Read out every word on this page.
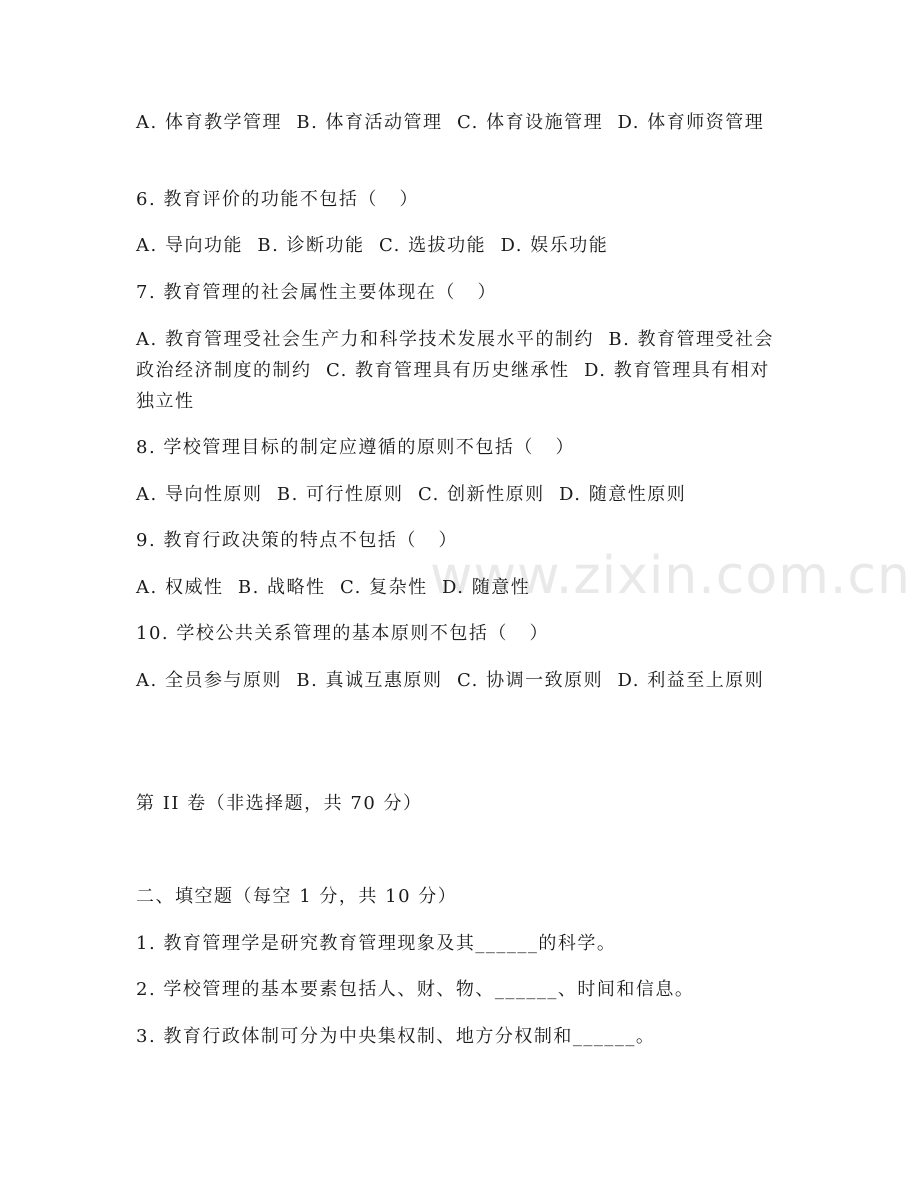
www.zixin.com.cn

A. 体育教学管理  B. 体育活动管理  C. 体育设施管理  D. 体育师资管理

6. 教育评价的功能不包括（   ）

A. 导向功能  B. 诊断功能  C. 选拔功能  D. 娱乐功能

7. 教育管理的社会属性主要体现在（   ）

A. 教育管理受社会生产力和科学技术发展水平的制约  B. 教育管理受社会政治经济制度的制约  C. 教育管理具有历史继承性  D. 教育管理具有相对独立性

8. 学校管理目标的制定应遵循的原则不包括（   ）

A. 导向性原则  B. 可行性原则  C. 创新性原则  D. 随意性原则

9. 教育行政决策的特点不包括（   ）

A. 权威性  B. 战略性  C. 复杂性  D. 随意性

10. 学校公共关系管理的基本原则不包括（   ）

A. 全员参与原则  B. 真诚互惠原则  C. 协调一致原则  D. 利益至上原则

第 II 卷（非选择题，共 70 分）

二、填空题（每空 1 分，共 10 分）

1. 教育管理学是研究教育管理现象及其______的科学。

2. 学校管理的基本要素包括人、财、物、______、时间和信息。

3. 教育行政体制可分为中央集权制、地方分权制和______。
